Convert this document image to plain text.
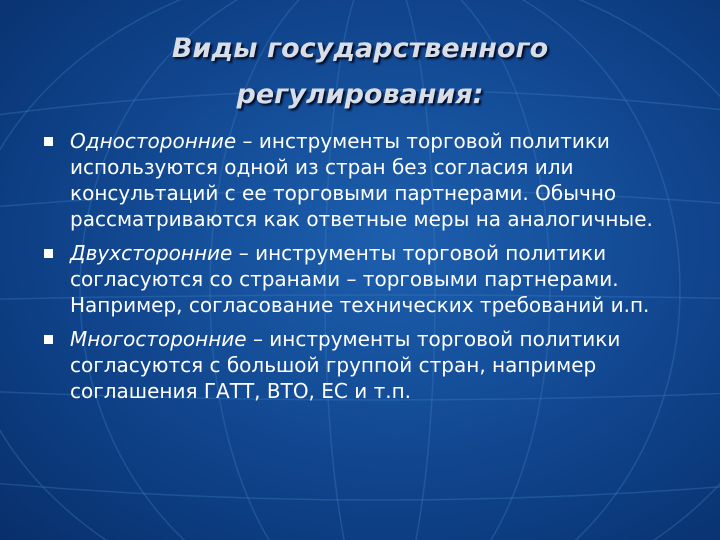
Виды государственного
регулирования:
Односторонние – инструменты торговой политики используются одной из стран без согласия или консультаций с ее торговыми партнерами. Обычно рассматриваются как ответные меры на аналогичные.
Двухсторонние – инструменты торговой политики согласуются со странами – торговыми партнерами. Например, согласование технических требований и.п.
Многосторонние – инструменты торговой политики согласуются с большой группой стран, например соглашения ГАТТ, ВТО, ЕС и т.п.
